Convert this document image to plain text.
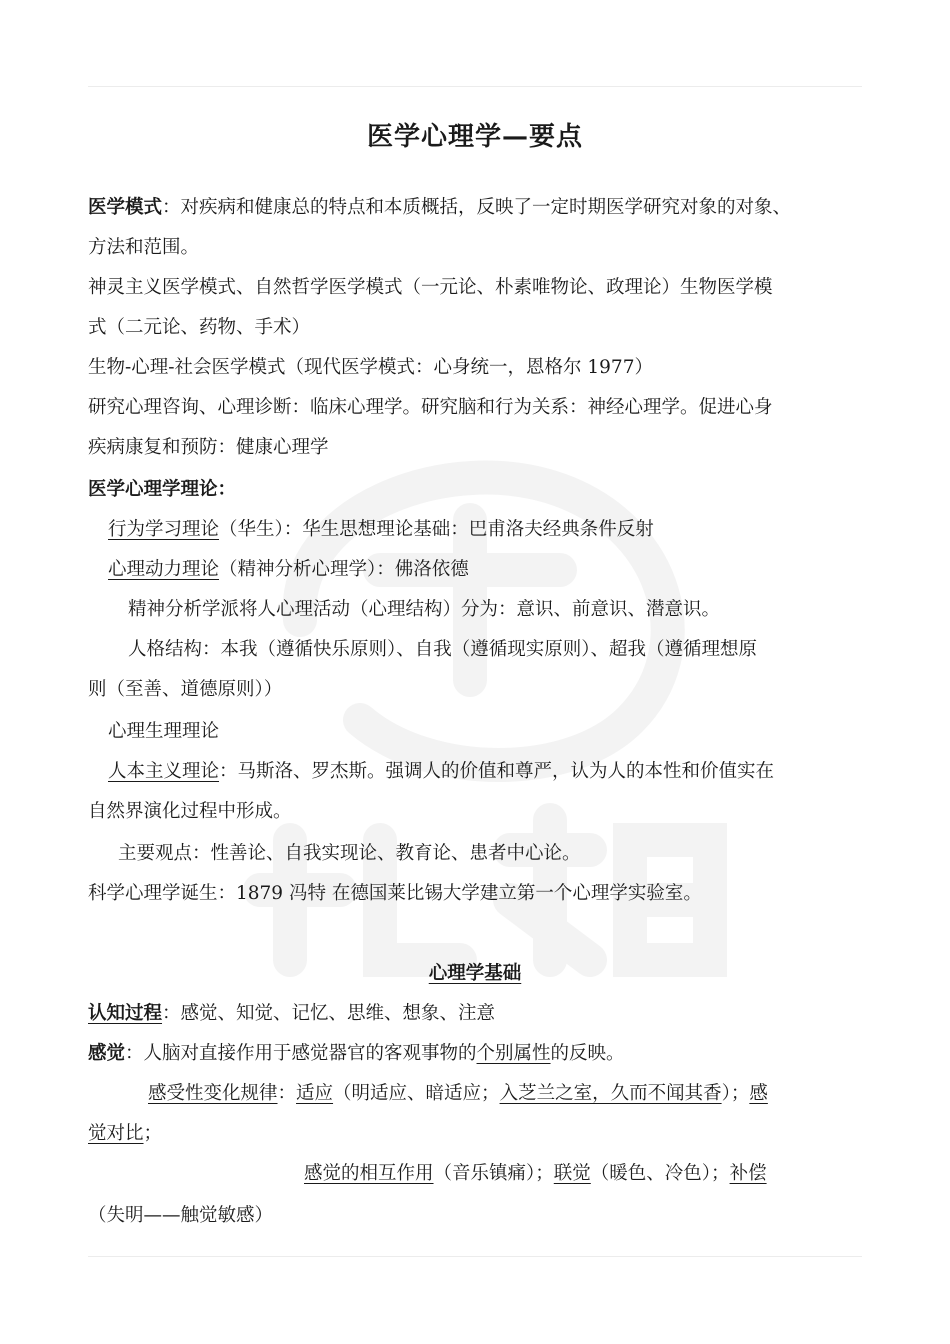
医学心理学—要点
医学模式：对疾病和健康总的特点和本质概括，反映了一定时期医学研究对象的对象、
方法和范围。
神灵主义医学模式、自然哲学医学模式（一元论、朴素唯物论、政理论）生物医学模
式（二元论、药物、手术）
生物-心理-社会医学模式（现代医学模式：心身统一，恩格尔 1977）
研究心理咨询、心理诊断：临床心理学。研究脑和行为关系：神经心理学。促进心身
疾病康复和预防：健康心理学
医学心理学理论：
行为学习理论（华生）：华生思想理论基础：巴甫洛夫经典条件反射
心理动力理论（精神分析心理学）：佛洛依德
精神分析学派将人心理活动（心理结构）分为：意识、前意识、潜意识。
人格结构：本我（遵循快乐原则）、自我（遵循现实原则）、超我（遵循理想原
则（至善、道德原则））
心理生理理论
人本主义理论：马斯洛、罗杰斯。强调人的价值和尊严，认为人的本性和价值实在
自然界演化过程中形成。
主要观点：性善论、自我实现论、教育论、患者中心论。
科学心理学诞生：1879 冯特 在德国莱比锡大学建立第一个心理学实验室。
心理学基础
认知过程：感觉、知觉、记忆、思维、想象、注意
感觉：人脑对直接作用于感觉器官的客观事物的个别属性的反映。
感受性变化规律：适应（明适应、暗适应；入芝兰之室，久而不闻其香）；感
觉对比；
感觉的相互作用（音乐镇痛）；联觉（暖色、冷色）；补偿
（失明——触觉敏感）
